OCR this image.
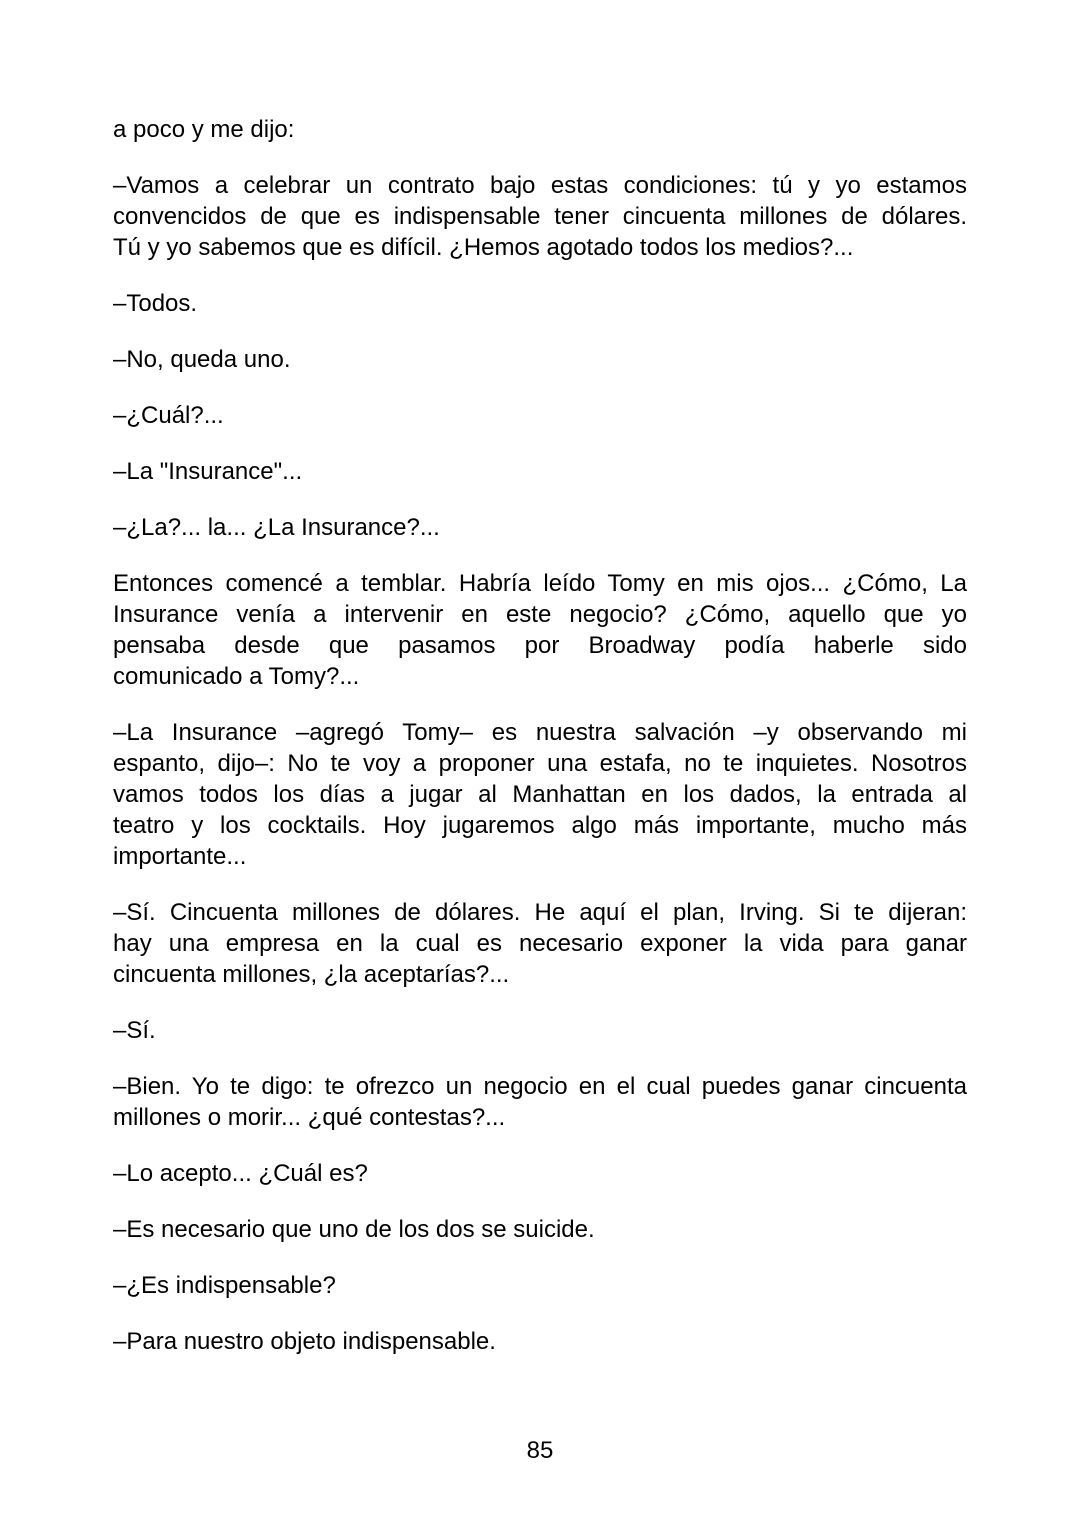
a poco y me dijo:

–Vamos a celebrar un contrato bajo estas condiciones: tú y yo estamos
convencidos de que es indispensable tener cincuenta millones de dólares.
Tú y yo sabemos que es difícil. ¿Hemos agotado todos los medios?...

–Todos.

–No, queda uno.

–¿Cuál?...

–La "Insurance"...

–¿La?... la... ¿La Insurance?...

Entonces comencé a temblar. Habría leído Tomy en mis ojos... ¿Cómo, La
Insurance venía a intervenir en este negocio? ¿Cómo, aquello que yo
pensaba desde que pasamos por Broadway podía haberle sido
comunicado a Tomy?...

–La Insurance –agregó Tomy– es nuestra salvación –y observando mi
espanto, dijo–: No te voy a proponer una estafa, no te inquietes. Nosotros
vamos todos los días a jugar al Manhattan en los dados, la entrada al
teatro y los cocktails. Hoy jugaremos algo más importante, mucho más
importante...

–Sí. Cincuenta millones de dólares. He aquí el plan, Irving. Si te dijeran:
hay una empresa en la cual es necesario exponer la vida para ganar
cincuenta millones, ¿la aceptarías?...

–Sí.

–Bien. Yo te digo: te ofrezco un negocio en el cual puedes ganar cincuenta
millones o morir... ¿qué contestas?...

–Lo acepto... ¿Cuál es?

–Es necesario que uno de los dos se suicide.

–¿Es indispensable?

–Para nuestro objeto indispensable.

85
